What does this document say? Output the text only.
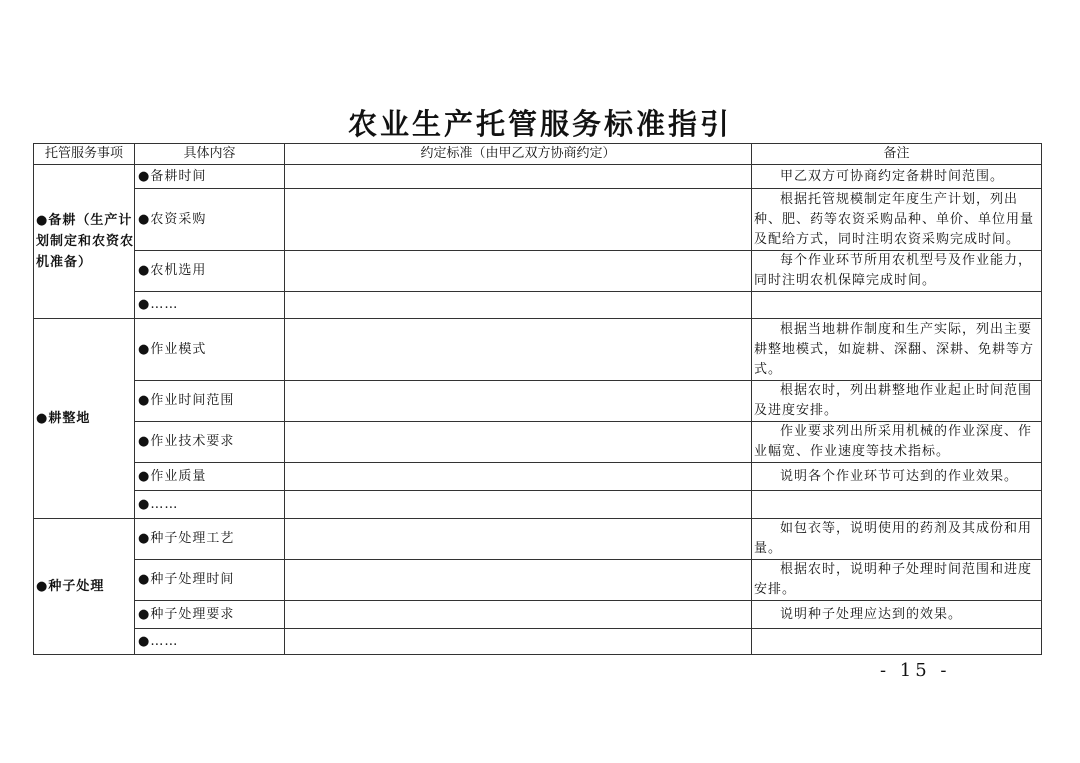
农业生产托管服务标准指引
托管服务事项	具体内容	约定标准（由甲乙双方协商约定）	备注
●备耕（生产计划制定和农资农机准备）	●备耕时间		甲乙双方可协商约定备耕时间范围。
	●农资采购		根据托管规模制定年度生产计划，列出种、肥、药等农资采购品种、单价、单位用量及配给方式，同时注明农资采购完成时间。
	●农机选用		每个作业环节所用农机型号及作业能力，同时注明农机保障完成时间。
	●……		
●耕整地	●作业模式		根据当地耕作制度和生产实际，列出主要耕整地模式，如旋耕、深翻、深耕、免耕等方式。
	●作业时间范围		根据农时，列出耕整地作业起止时间范围及进度安排。
	●作业技术要求		作业要求列出所采用机械的作业深度、作业幅宽、作业速度等技术指标。
	●作业质量		说明各个作业环节可达到的作业效果。
	●……		
●种子处理	●种子处理工艺		如包衣等，说明使用的药剂及其成份和用量。
	●种子处理时间		根据农时，说明种子处理时间范围和进度安排。
	●种子处理要求		说明种子处理应达到的效果。
	●……		
- 15 -
